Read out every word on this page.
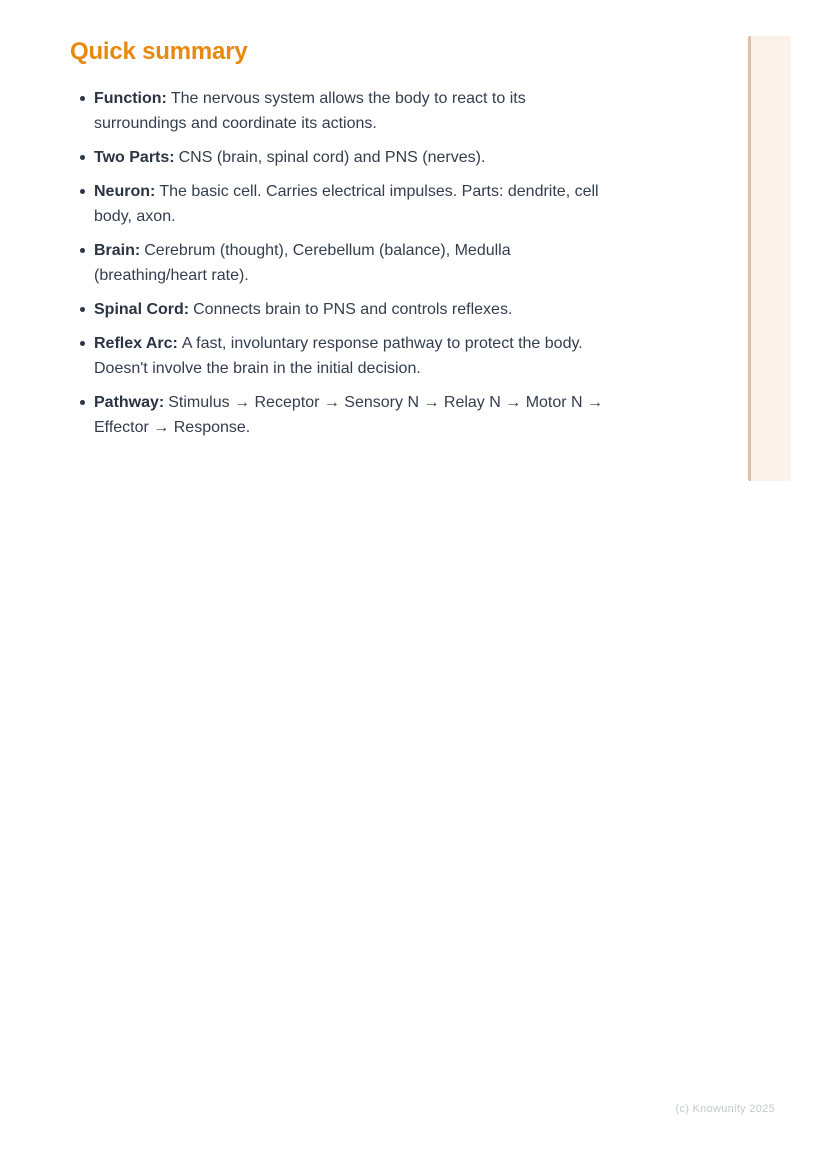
Quick summary
Function: The nervous system allows the body to react to its surroundings and coordinate its actions.
Two Parts: CNS (brain, spinal cord) and PNS (nerves).
Neuron: The basic cell. Carries electrical impulses. Parts: dendrite, cell body, axon.
Brain: Cerebrum (thought), Cerebellum (balance), Medulla (breathing/heart rate).
Spinal Cord: Connects brain to PNS and controls reflexes.
Reflex Arc: A fast, involuntary response pathway to protect the body. Doesn't involve the brain in the initial decision.
Pathway: Stimulus → Receptor → Sensory N → Relay N → Motor N → Effector → Response.
(c) Knowunity 2025
